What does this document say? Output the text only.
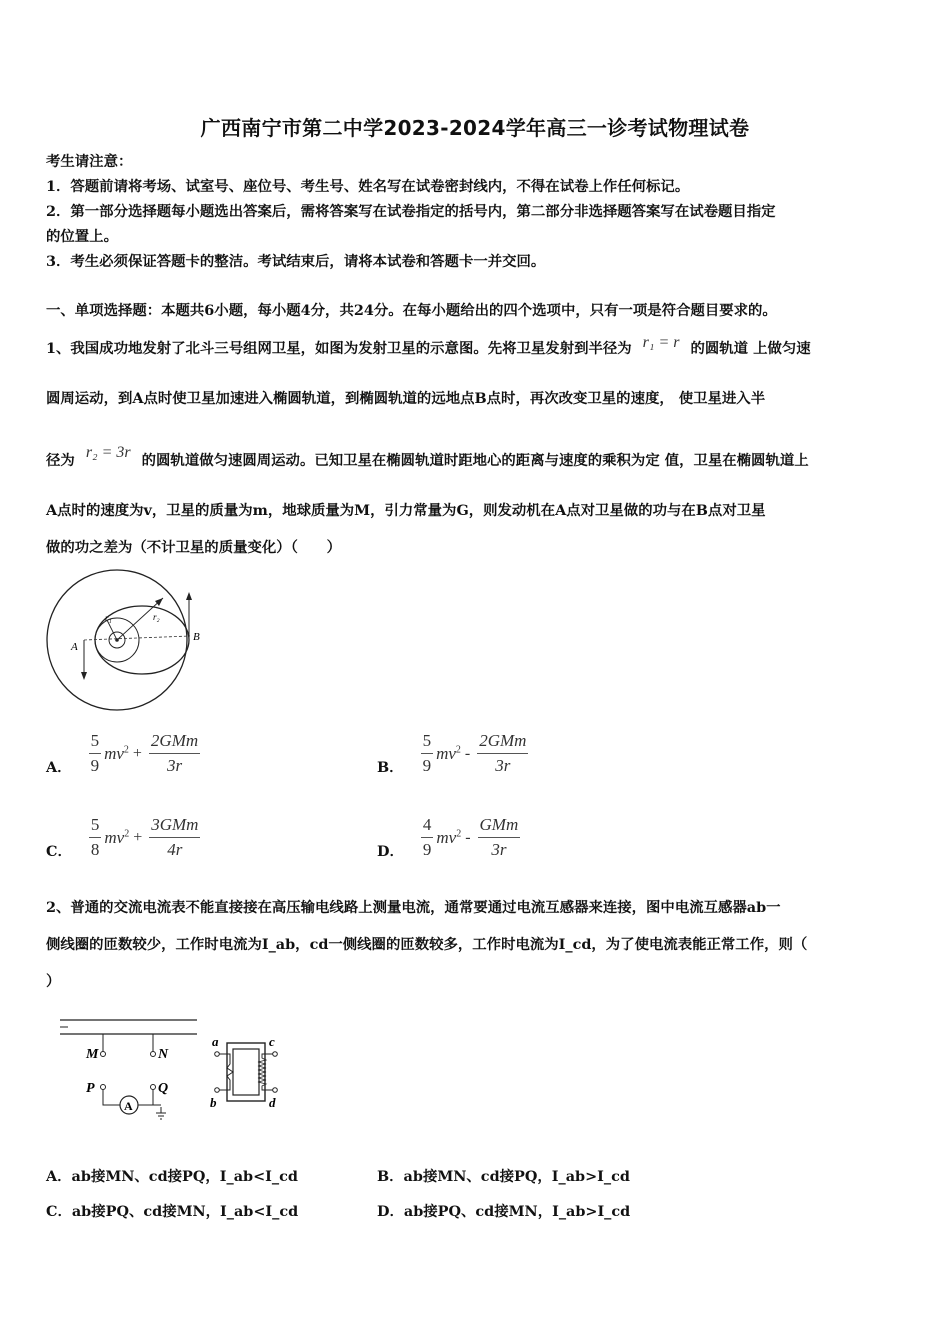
广西南宁市第二中学2023-2024学年高三一诊考试物理试卷
考生请注意：
1．答题前请将考场、试室号、座位号、考生号、姓名写在试卷密封线内，不得在试卷上作任何标记。
2．第一部分选择题每小题选出答案后，需将答案写在试卷指定的括号内，第二部分非选择题答案写在试卷题目指定
的位置上。
3．考生必须保证答题卡的整洁。考试结束后，请将本试卷和答题卡一并交回。
一、单项选择题：本题共6小题，每小题4分，共24分。在每小题给出的四个选项中，只有一项是符合题目要求的。
1、我国成功地发射了北斗三号组网卫星，如图为发射卫星的示意图。先将卫星发射到半径为 r₁ = r 的圆轨道 上做匀速
圆周运动，到A点时使卫星加速进入椭圆轨道，到椭圆轨道的远地点B点时，再次改变卫星的速度， 使卫星进入半
径为 r₂ = 3r 的圆轨道做匀速圆周运动。已知卫星在椭圆轨道时距地心的距离与速度的乘积为定 值，卫星在椭圆轨道上
A点时的速度为v，卫星的质量为m，地球质量为M，引力常量为G，则发动机在A点对卫星做的功与在B点对卫星
做的功之差为（不计卫星的质量变化）（　　）
A
B
r₁	r₂
A． $\frac{5}{9} mv^2 + \frac{\text{2GMm}}{3r}$	B． $\frac{5}{9} mv^2 - \frac{\text{2GMm}}{3r}$
C． $\frac{5}{8} mv^2 + \frac{\text{3GMm}}{4r}$	D． $\frac{4}{9} mv^2 - \frac{\text{GMm}}{3r}$
2、普通的交流电流表不能直接接在高压输电线路上测量电流，通常要通过电流互感器来连接，图中电流互感器ab一
侧线圈的匝数较少，工作时电流为I_ab，cd一侧线圈的匝数较多，工作时电流为I_cd，为了使电流表能正常工作，则（
）
M	N
P	Q
A
a
b
c
d
A．ab接MN、cd接PQ，I_ab<I_cd	B．ab接MN、cd接PQ，I_ab>I_cd
C．ab接PQ、cd接MN，I_ab<I_cd	D．ab接PQ、cd接MN，I_ab>I_cd
